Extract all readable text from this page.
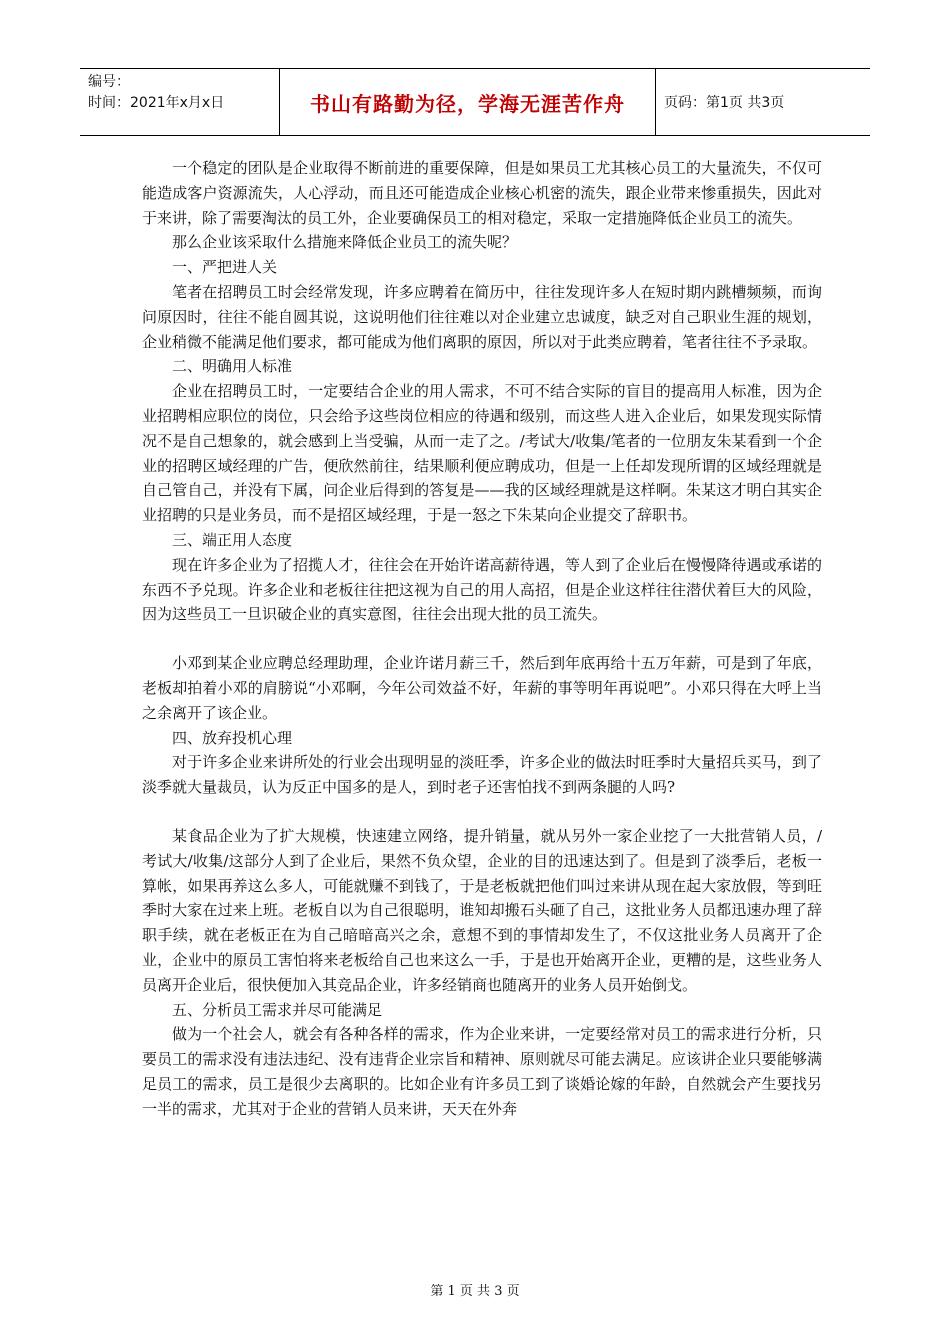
编号：
时间：2021年x月x日	书山有路勤为径，学海无涯苦作舟	页码：第1页 共3页

一个稳定的团队是企业取得不断前进的重要保障，但是如果员工尤其核心员工的大量流失，不仅可能造成客户资源流失，人心浮动，而且还可能造成企业核心机密的流失，跟企业带来惨重损失，因此对于来讲，除了需要淘汰的员工外，企业要确保员工的相对稳定，采取一定措施降低企业员工的流失。

那么企业该采取什么措施来降低企业员工的流失呢？

一、严把进人关

笔者在招聘员工时会经常发现，许多应聘着在简历中，往往发现许多人在短时期内跳槽频频，而询问原因时，往往不能自圆其说，这说明他们往往难以对企业建立忠诚度，缺乏对自己职业生涯的规划，企业稍微不能满足他们要求，都可能成为他们离职的原因，所以对于此类应聘着，笔者往往不予录取。

二、明确用人标准

企业在招聘员工时，一定要结合企业的用人需求，不可不结合实际的盲目的提高用人标准，因为企业招聘相应职位的岗位，只会给予这些岗位相应的待遇和级别，而这些人进入企业后，如果发现实际情况不是自己想象的，就会感到上当受骗，从而一走了之。/考试大/收集/笔者的一位朋友朱某看到一个企业的招聘区域经理的广告，便欣然前往，结果顺利便应聘成功，但是一上任却发现所谓的区域经理就是自己管自己，并没有下属，问企业后得到的答复是——我的区域经理就是这样啊。朱某这才明白其实企业招聘的只是业务员，而不是招区域经理，于是一怒之下朱某向企业提交了辞职书。

三、端正用人态度

现在许多企业为了招揽人才，往往会在开始许诺高薪待遇，等人到了企业后在慢慢降待遇或承诺的东西不予兑现。许多企业和老板往往把这视为自己的用人高招，但是企业这样往往潜伏着巨大的风险，因为这些员工一旦识破企业的真实意图，往往会出现大批的员工流失。

小邓到某企业应聘总经理助理，企业许诺月薪三千，然后到年底再给十五万年薪，可是到了年底，老板却拍着小邓的肩膀说“小邓啊，今年公司效益不好，年薪的事等明年再说吧”。小邓只得在大呼上当之余离开了该企业。

四、放弃投机心理

对于许多企业来讲所处的行业会出现明显的淡旺季，许多企业的做法时旺季时大量招兵买马，到了淡季就大量裁员，认为反正中国多的是人，到时老子还害怕找不到两条腿的人吗?

某食品企业为了扩大规模，快速建立网络，提升销量，就从另外一家企业挖了一大批营销人员，/考试大/收集/这部分人到了企业后，果然不负众望，企业的目的迅速达到了。但是到了淡季后，老板一算帐，如果再养这么多人，可能就赚不到钱了，于是老板就把他们叫过来讲从现在起大家放假，等到旺季时大家在过来上班。老板自以为自己很聪明，谁知却搬石头砸了自己，这批业务人员都迅速办理了辞职手续，就在老板正在为自己暗暗高兴之余，意想不到的事情却发生了，不仅这批业务人员离开了企业，企业中的原员工害怕将来老板给自己也来这么一手，于是也开始离开企业，更糟的是，这些业务人员离开企业后，很快便加入其竞品企业，许多经销商也随离开的业务人员开始倒戈。

五、分析员工需求并尽可能满足

做为一个社会人，就会有各种各样的需求，作为企业来讲，一定要经常对员工的需求进行分析，只要员工的需求没有违法违纪、没有违背企业宗旨和精神、原则就尽可能去满足。应该讲企业只要能够满足员工的需求，员工是很少去离职的。比如企业有许多员工到了谈婚论嫁的年龄，自然就会产生要找另一半的需求，尤其对于企业的营销人员来讲，天天在外奔

第 1 页 共 3 页
